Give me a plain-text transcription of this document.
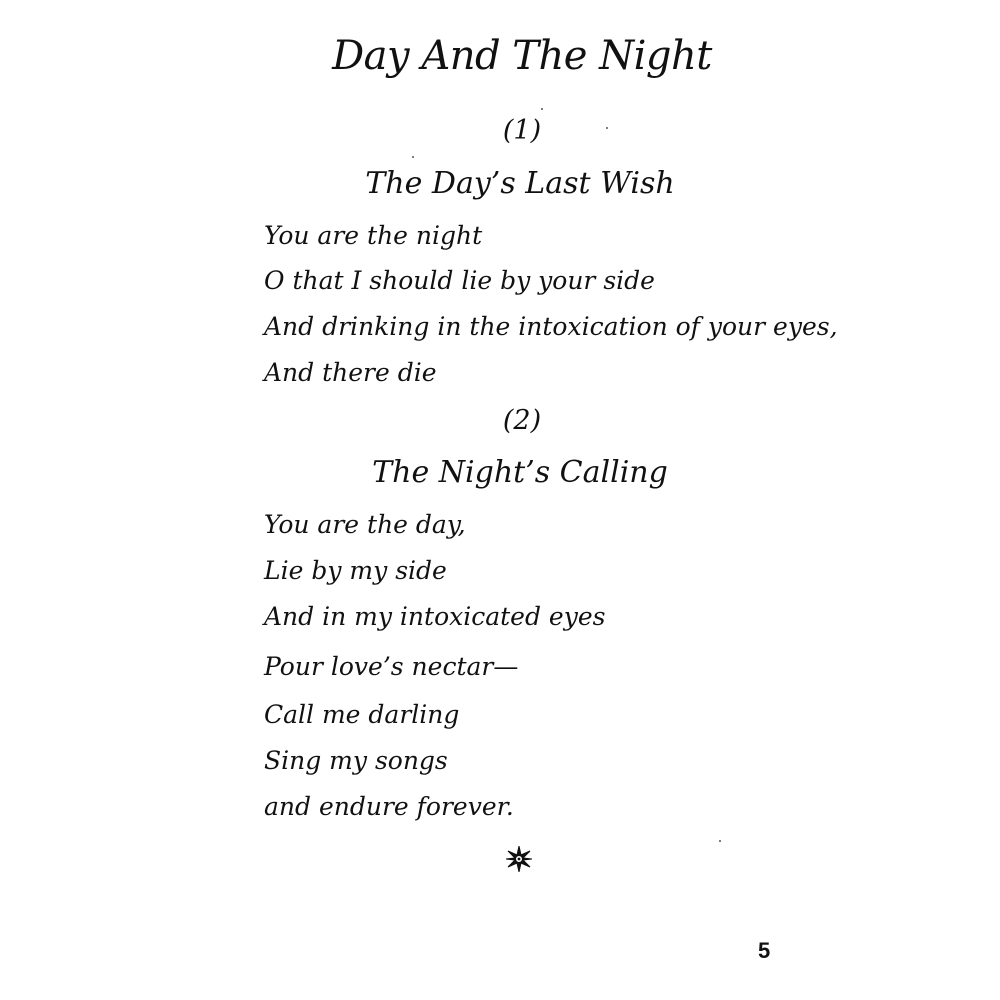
Day And The Night
(1)
The Day’s Last Wish
You are the night
O that I should lie by your side
And drinking in the intoxication of your eyes,
And there die
(2)
The Night’s Calling
You are the day,
Lie by my side
And in my intoxicated eyes
Pour love’s nectar—
Call me darling
Sing my songs
and endure forever.
5
